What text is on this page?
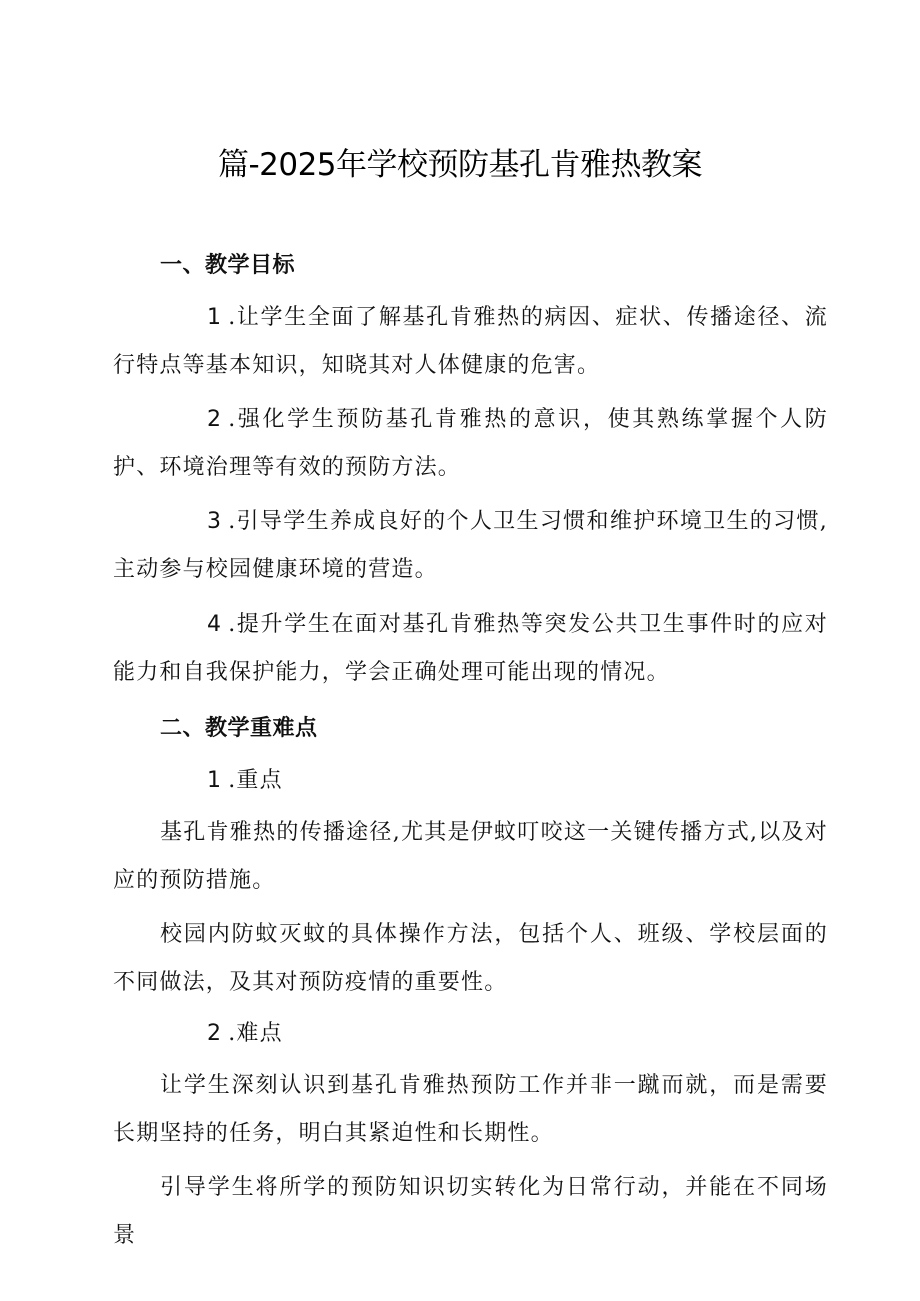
篇-2025年学校预防基孔肯雅热教案

一、教学目标

1 .让学生全面了解基孔肯雅热的病因、症状、传播途径、流行特点等基本知识，知晓其对人体健康的危害。

2 .强化学生预防基孔肯雅热的意识，使其熟练掌握个人防护、环境治理等有效的预防方法。

3 .引导学生养成良好的个人卫生习惯和维护环境卫生的习惯,主动参与校园健康环境的营造。

4 .提升学生在面对基孔肯雅热等突发公共卫生事件时的应对能力和自我保护能力，学会正确处理可能出现的情况。

二、教学重难点

1 .重点

基孔肯雅热的传播途径,尤其是伊蚊叮咬这一关键传播方式,以及对应的预防措施。

校园内防蚊灭蚊的具体操作方法，包括个人、班级、学校层面的不同做法，及其对预防疫情的重要性。

2 .难点

让学生深刻认识到基孔肯雅热预防工作并非一蹴而就，而是需要长期坚持的任务，明白其紧迫性和长期性。

引导学生将所学的预防知识切实转化为日常行动，并能在不同场景
